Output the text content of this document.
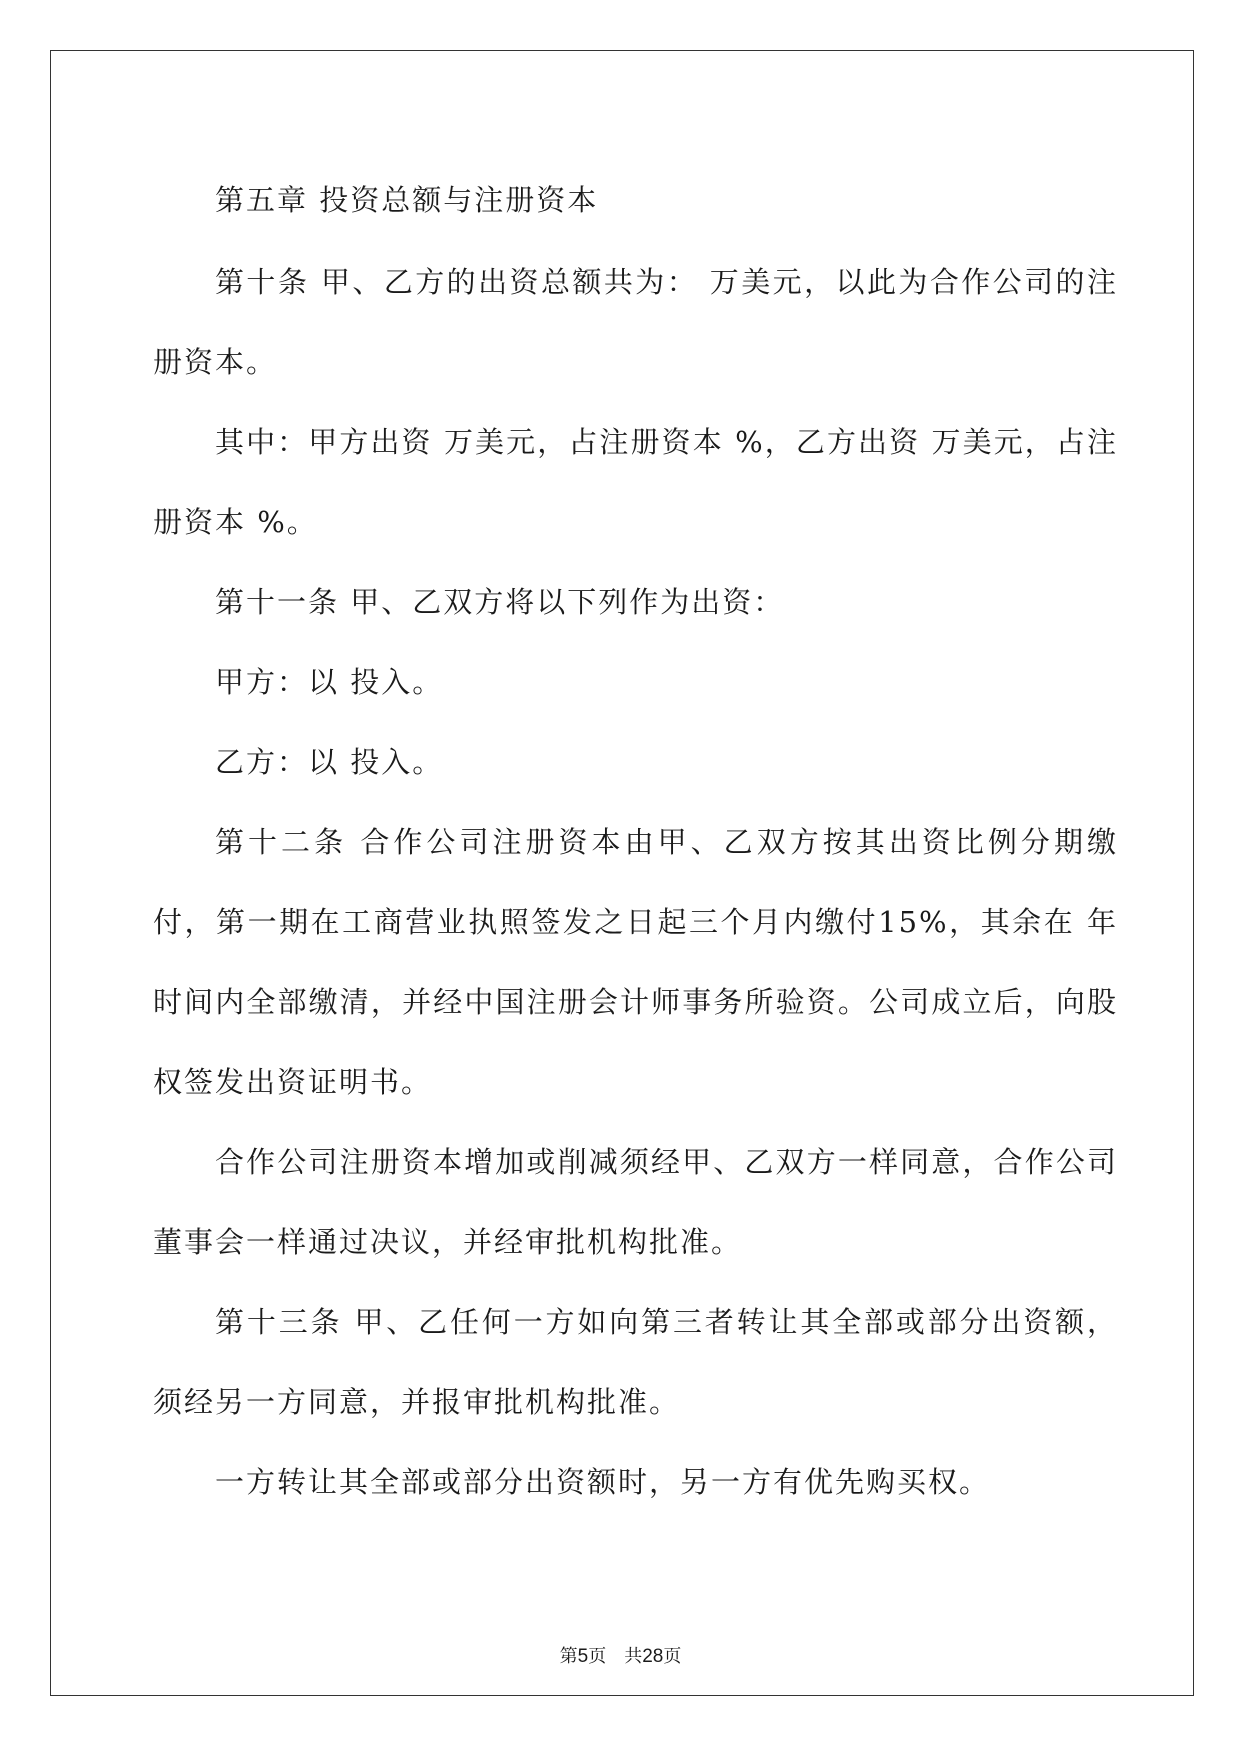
第五章 投资总额与注册资本

第十条 甲、乙方的出资总额共为： 万美元，以此为合作公司的注册资本。

其中：甲方出资 万美元，占注册资本 %，乙方出资 万美元，占注册资本 %。

第十一条 甲、乙双方将以下列作为出资：

甲方：以 投入。

乙方：以 投入。

第十二条 合作公司注册资本由甲、乙双方按其出资比例分期缴付，第一期在工商营业执照签发之日起三个月内缴付15%，其余在 年时间内全部缴清，并经中国注册会计师事务所验资。公司成立后，向股权签发出资证明书。

合作公司注册资本增加或削减须经甲、乙双方一样同意，合作公司董事会一样通过决议，并经审批机构批准。

第十三条 甲、乙任何一方如向第三者转让其全部或部分出资额，须经另一方同意，并报审批机构批准。

一方转让其全部或部分出资额时，另一方有优先购买权。

第5页　共28页
